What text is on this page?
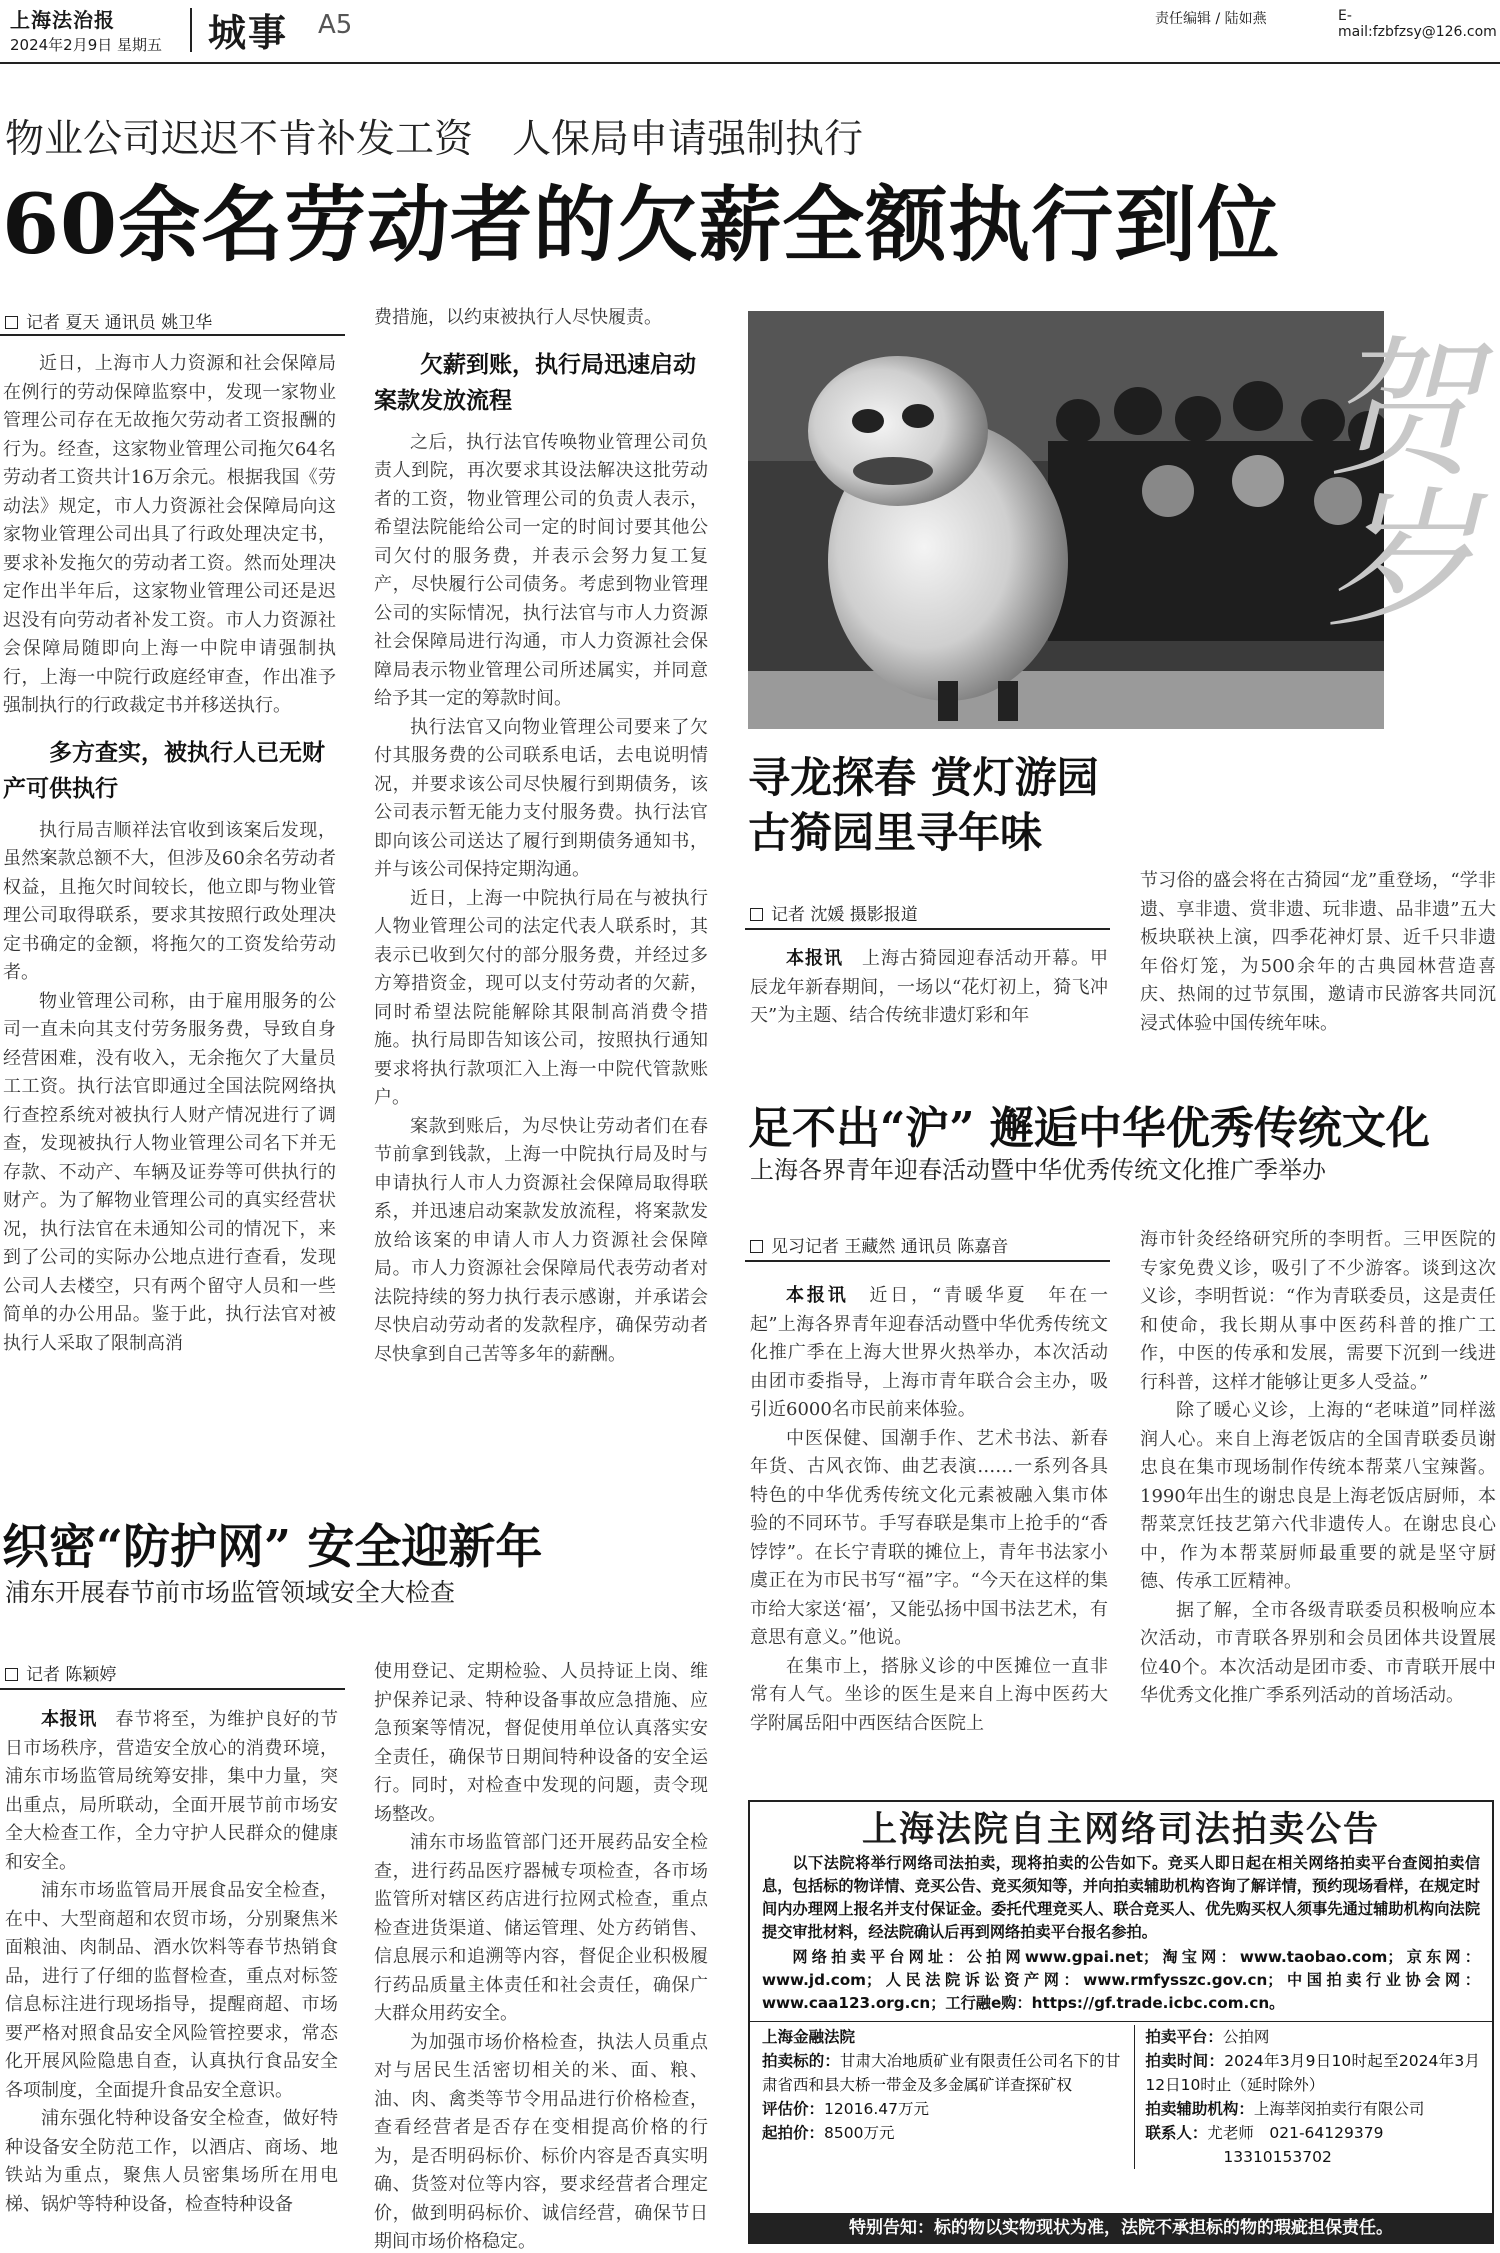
上海法治报
2024年2月9日 星期五 城事 A5	责任编辑 / 陆如燕	E-mail:fzbfzsy@126.com
物业公司迟迟不肯补发工资　人保局申请强制执行
60余名劳动者的欠薪全额执行到位
记者 夏天 通讯员 姚卫华

近日，上海市人力资源和社会保障局在例行的劳动保障监察中，发现一家物业管理公司存在无故拖欠劳动者工资报酬的行为。经查，这家物业管理公司拖欠64名劳动者工资共计16万余元。根据我国《劳动法》规定，市人力资源社会保障局向这家物业管理公司出具了行政处理决定书，要求补发拖欠的劳动者工资。然而处理决定作出半年后，这家物业管理公司还是迟迟没有向劳动者补发工资。市人力资源社会保障局随即向上海一中院申请强制执行，上海一中院行政庭经审查，作出准予强制执行的行政裁定书并移送执行。

多方查实，被执行人已无财产可供执行

执行局吉顺祥法官收到该案后发现，虽然案款总额不大，但涉及60余名劳动者权益，且拖欠时间较长，他立即与物业管理公司取得联系，要求其按照行政处理决定书确定的金额，将拖欠的工资发给劳动者。

物业管理公司称，由于雇用服务的公司一直未向其支付劳务服务费，导致自身经营困难，没有收入，无余拖欠了大量员工工资。执行法官即通过全国法院网络执行查控系统对被执行人财产情况进行了调查，发现被执行人物业管理公司名下并无存款、不动产、车辆及证券等可供执行的财产。为了解物业管理公司的真实经营状况，执行法官在未通知公司的情况下，来到了公司的实际办公地点进行查看，发现公司人去楼空，只有两个留守人员和一些简单的办公用品。鉴于此，执行法官对被执行人采取了限制高消

费措施，以约束被执行人尽快履责。

欠薪到账，执行局迅速启动案款发放流程

之后，执行法官传唤物业管理公司负责人到院，再次要求其设法解决这批劳动者的工资，物业管理公司的负责人表示，希望法院能给公司一定的时间讨要其他公司欠付的服务费，并表示会努力复工复产，尽快履行公司债务。考虑到物业管理公司的实际情况，执行法官与市人力资源社会保障局进行沟通，市人力资源社会保障局表示物业管理公司所述属实，并同意给予其一定的筹款时间。

执行法官又向物业管理公司要来了欠付其服务费的公司联系电话，去电说明情况，并要求该公司尽快履行到期债务，该公司表示暂无能力支付服务费。执行法官即向该公司送达了履行到期债务通知书，并与该公司保持定期沟通。

近日，上海一中院执行局在与被执行人物业管理公司的法定代表人联系时，其表示已收到欠付的部分服务费，并经过多方筹措资金，现可以支付劳动者的欠薪，同时希望法院能解除其限制高消费令措施。执行局即告知该公司，按照执行通知要求将执行款项汇入上海一中院代管款账户。

案款到账后，为尽快让劳动者们在春节前拿到钱款，上海一中院执行局及时与申请执行人市人力资源社会保障局取得联系，并迅速启动案款发放流程，将案款发放给该案的申请人市人力资源社会保障局。市人力资源社会保障局代表劳动者对法院持续的努力执行表示感谢，并承诺会尽快启动劳动者的发款程序，确保劳动者尽快拿到自己苦等多年的薪酬。

贺岁
寻龙探春 赏灯游园
古猗园里寻年味
记者 沈媛 摄影报道

本报讯　 上海古猗园迎春活动开幕。甲辰龙年新春期间，一场以“花灯初上，猗飞冲天”为主题、结合传统非遗灯彩和年

节习俗的盛会将在古猗园“龙”重登场，“学非遗、享非遗、赏非遗、玩非遗、品非遗”五大板块联袂上演，四季花神灯景、近千只非遗年俗灯笼，为500余年的古典园林营造喜庆、热闹的过节氛围，邀请市民游客共同沉浸式体验中国传统年味。

足不出“沪” 邂逅中华优秀传统文化
上海各界青年迎春活动暨中华优秀传统文化推广季举办
见习记者 王藏然 通讯员 陈嘉音

本报讯　 近日，“青暖华夏　年在一起”上海各界青年迎春活动暨中华优秀传统文化推广季在上海大世界火热举办，本次活动由团市委指导，上海市青年联合会主办，吸引近6000名市民前来体验。

中医保健、国潮手作、艺术书法、新春年货、古风衣饰、曲艺表演……一系列各具特色的中华优秀传统文化元素被融入集市体验的不同环节。手写春联是集市上抢手的“香饽饽”。在长宁青联的摊位上，青年书法家小虞正在为市民书写“福”字。“今天在这样的集市给大家送‘福’，又能弘扬中国书法艺术，有意思有意义。”他说。

在集市上，搭脉义诊的中医摊位一直非常有人气。坐诊的医生是来自上海中医药大学附属岳阳中西医结合医院上

海市针灸经络研究所的李明哲。三甲医院的专家免费义诊，吸引了不少游客。谈到这次义诊，李明哲说：“作为青联委员，这是责任和使命，我长期从事中医药科普的推广工作，中医的传承和发展，需要下沉到一线进行科普，这样才能够让更多人受益。”

除了暖心义诊，上海的“老味道”同样滋润人心。来自上海老饭店的全国青联委员谢忠良在集市现场制作传统本帮菜八宝辣酱。1990年出生的谢忠良是上海老饭店厨师，本帮菜烹饪技艺第六代非遗传人。在谢忠良心中，作为本帮菜厨师最重要的就是坚守厨德、传承工匠精神。

据了解，全市各级青联委员积极响应本次活动，市青联各界别和会员团体共设置展位40个。本次活动是团市委、市青联开展中华优秀文化推广季系列活动的首场活动。

织密“防护网” 安全迎新年
浦东开展春节前市场监管领域安全大检查
记者 陈颖婷

本报讯　 春节将至，为维护良好的节日市场秩序，营造安全放心的消费环境，浦东市场监管局统筹安排，集中力量，突出重点，局所联动，全面开展节前市场安全大检查工作，全力守护人民群众的健康和安全。

浦东市场监管局开展食品安全检查，在中、大型商超和农贸市场，分别聚焦米面粮油、肉制品、酒水饮料等春节热销食品，进行了仔细的监督检查，重点对标签信息标注进行现场指导，提醒商超、市场要严格对照食品安全风险管控要求，常态化开展风险隐患自查，认真执行食品安全各项制度，全面提升食品安全意识。

浦东强化特种设备安全检查，做好特种设备安全防范工作，以酒店、商场、地铁站为重点，聚焦人员密集场所在用电梯、锅炉等特种设备，检查特种设备

使用登记、定期检验、人员持证上岗、维护保养记录、特种设备事故应急措施、应急预案等情况，督促使用单位认真落实安全责任，确保节日期间特种设备的安全运行。同时，对检查中发现的问题，责令现场整改。

浦东市场监管部门还开展药品安全检查，进行药品医疗器械专项检查，各市场监管所对辖区药店进行拉网式检查，重点检查进货渠道、储运管理、处方药销售、信息展示和追溯等内容，督促企业积极履行药品质量主体责任和社会责任，确保广大群众用药安全。

为加强市场价格检查，执法人员重点对与居民生活密切相关的米、面、粮、油、肉、禽类等节令用品进行价格检查，查看经营者是否存在变相提高价格的行为，是否明码标价、标价内容是否真实明确、货签对位等内容，要求经营者合理定价，做到明码标价、诚信经营，确保节日期间市场价格稳定。

上海法院自主网络司法拍卖公告

以下法院将举行网络司法拍卖，现将拍卖的公告如下。竞买人即日起在相关网络拍卖平台查阅拍卖信息，包括标的物详情、竞买公告、竞买须知等，并向拍卖辅助机构咨询了解详情，预约现场看样，在规定时间内办理网上报名并支付保证金。委托代理竞买人、联合竞买人、优先购买权人须事先通过辅助机构向法院提交审批材料，经法院确认后再到网络拍卖平台报名参拍。

网络拍卖平台网址：公拍网www.gpai.net；淘宝网：www.taobao.com；京东网：www.jd.com；人民法院诉讼资产网：www.rmfysszc.gov.cn；中国拍卖行业协会网：www.caa123.org.cn；工行融e购：https://gf.trade.icbc.com.cn。

上海金融法院

拍卖标的：甘肃大冶地质矿业有限责任公司名下的甘肃省西和县大桥一带金及多金属矿详查探矿权

评估价：12016.47万元

起拍价：8500万元

拍卖平台：公拍网

拍卖时间：2024年3月9日10时起至2024年3月12日10时止（延时除外）

拍卖辅助机构：上海莘闵拍卖行有限公司

联系人：尤老师　021-64129379

13310153702

特别告知：标的物以实物现状为准，法院不承担标的物的瑕疵担保责任。
